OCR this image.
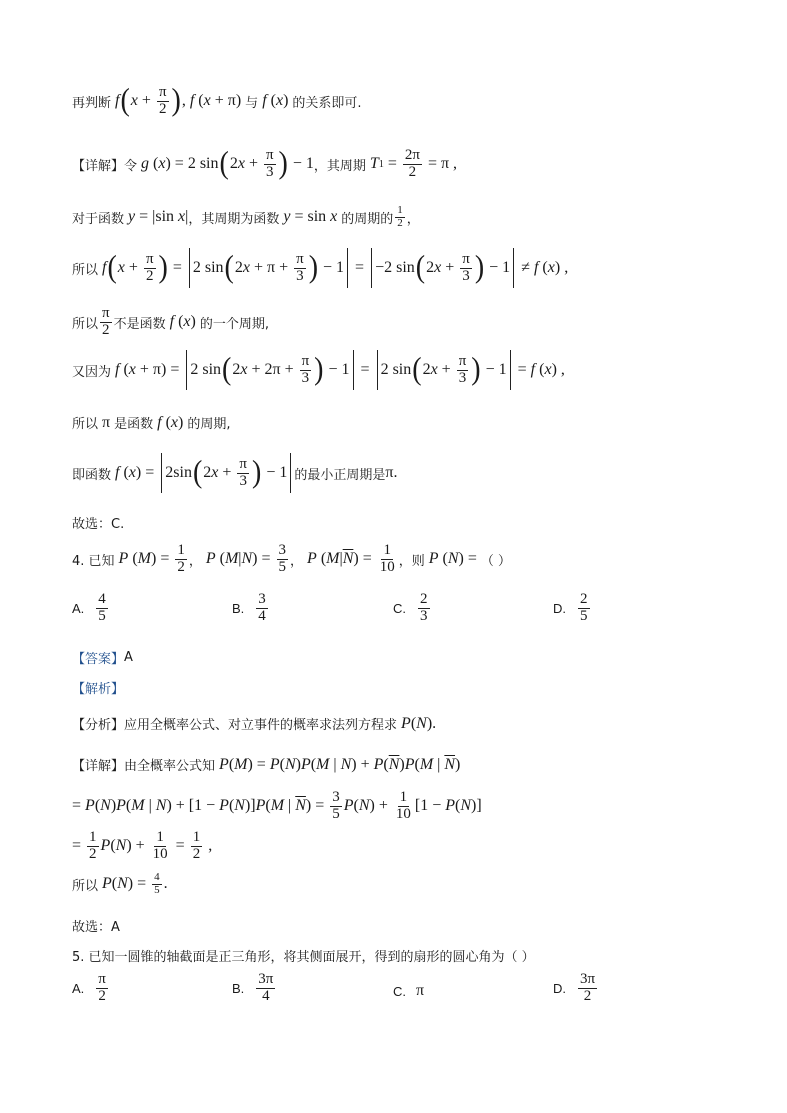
再判断 f ( $x + \frac{\pi}{2}$ ) , f ( x + π) 与 f ( x ) 的关系即可.
【详解】 令 g ( x ) = 2 sin ( 2 $x + \frac{\pi}{3}$ ) − 1 ，其周期 T $1 = \frac{2\pi}{2} = \pi$ ,
对于函数 y = |sin x | ，其周期为函数 y = sin x 的周期的 $\frac{1}{2}$ ，
所以 f ( $x + \frac{\pi}{2}$ ) = 2 sin ( 2 $x + \pi + \frac{\pi}{3}$ ) − 1 = −2 sin ( 2 $x + \frac{\pi}{3}$ ) − 1 ≠ f ( x ) ,
所以 $\frac{\pi}{2}$ 不是函数 f ( x ) 的一个周期,
又因为 f ( x + π) = 2 sin ( 2 $x + 2\pi + \frac{\pi}{3}$ ) − 1 = 2 sin ( 2 $x + \frac{\pi}{3}$ ) − 1 = f ( x ) ,
所以 π 是函数 f ( x ) 的周期,
即函数 f ( x ) = 2sin ( 2 $x + \frac{\pi}{3}$ ) − 1 的最小正周期是 π.
故选：C.
4. 已知 P ( M ) = $\frac{1}{2}$ ， P ( M | N ) = $\frac{3}{5}$ ， P ( M | $\overline{N}$ ) = $\frac{1}{10}$ ，则 P ( N ) = （ ）
A. $\frac{4}{5}$	B. $\frac{3}{4}$	C. $\frac{2}{3}$	D. $\frac{2}{5}$
【答案】 A
【解析】
【分析】 应用全概率公式、对立事件的概率求法列方程求 P ( N ).
【详解】 由全概率公式知 P ( M ) = P ( N ) P ( M | N ) + P ( $\overline{N}$ ) P ( M | $\overline{N}$ )
= P ( N ) P ( M | N ) + [1 − P ( N )] P ( M | $\overline{N}$ ) = $\frac{3}{5}$ P ( N ) + $\frac{1}{10} [1 - P$ ( N )]
= $\frac{1}{2}$ P ( N ) + $\frac{1}{10} = \frac{1}{2}$ ,
所以 P ( N ) = $\frac{4}{5}$ .
故选：A
5. 已知一圆锥的轴截面是正三角形，将其侧面展开，得到的扇形的圆心角为（ ）
A. $\frac{\pi}{2}$	B. $\frac{3\pi}{4}$	C. π	D. $\frac{3\pi}{2}$
